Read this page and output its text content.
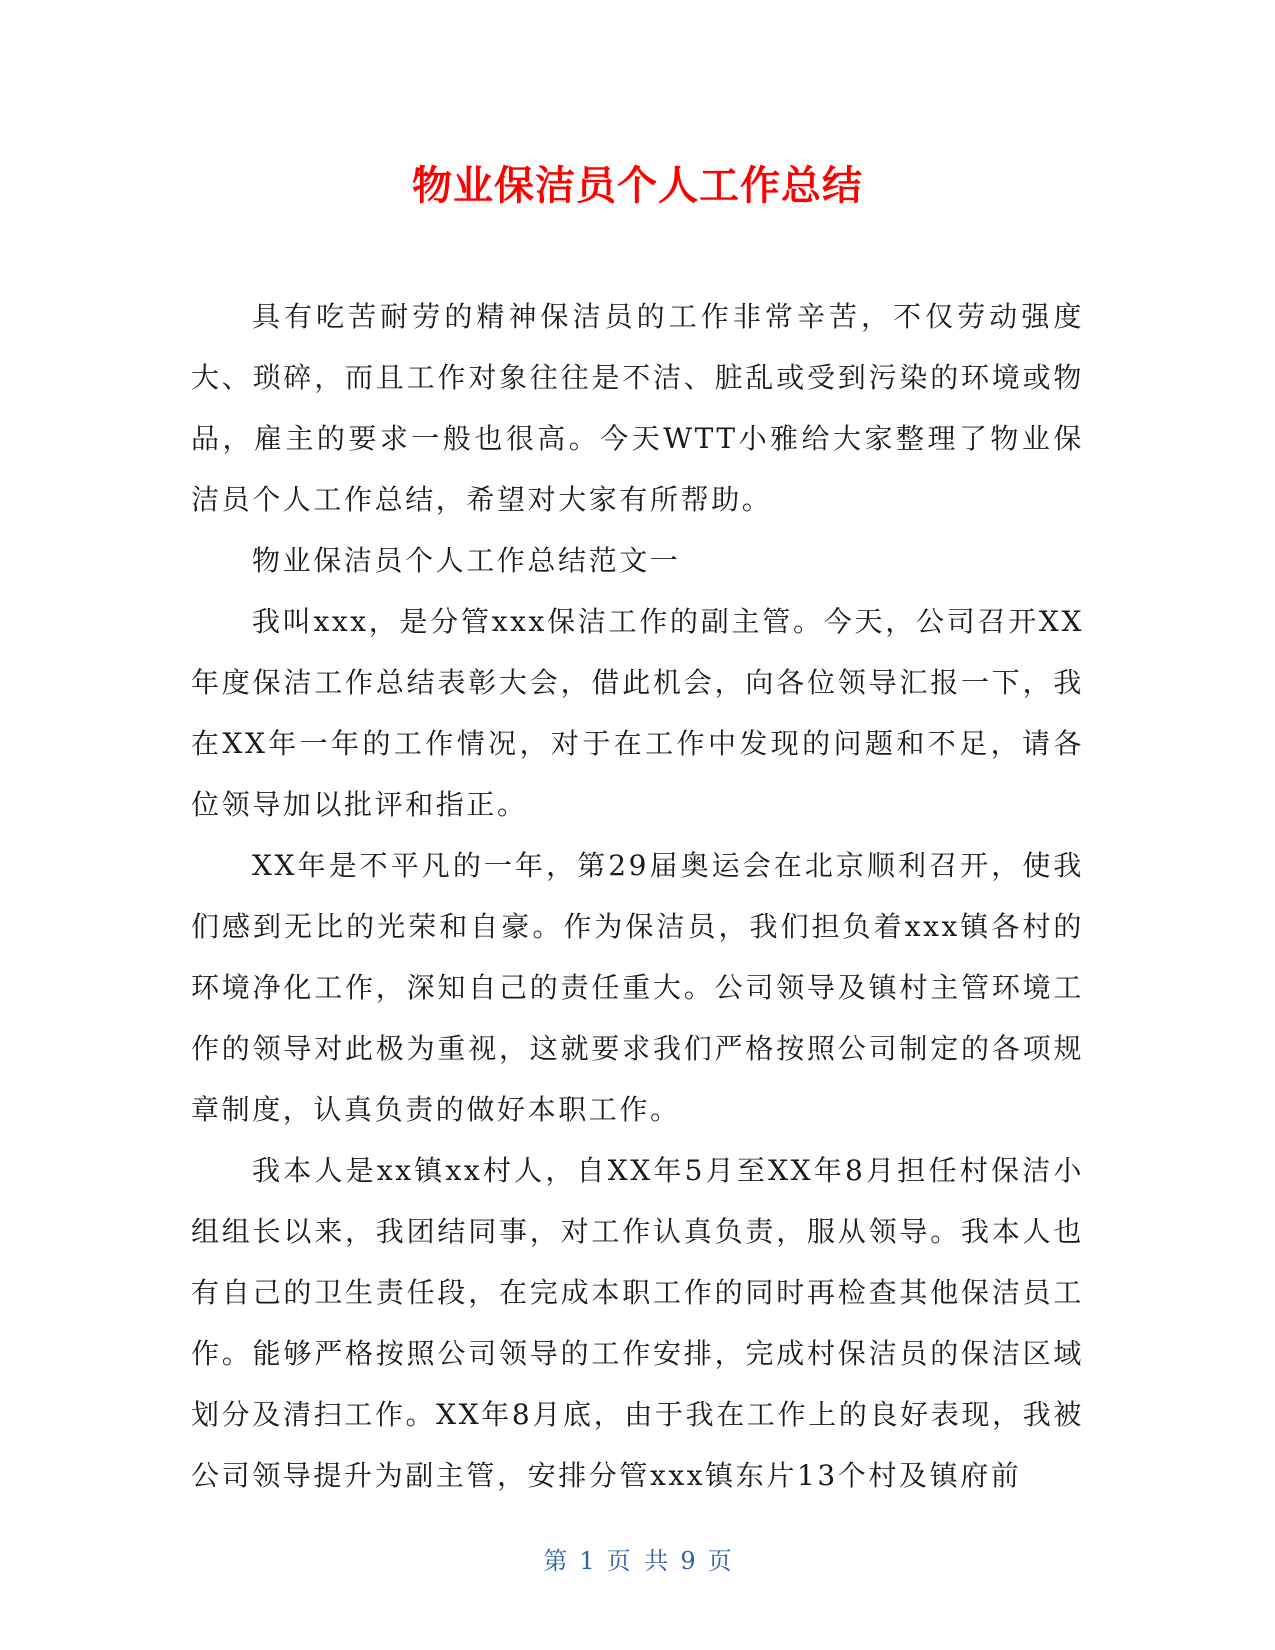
物业保洁员个人工作总结

具有吃苦耐劳的精神保洁员的工作非常辛苦，不仅劳动强度大、琐碎，而且工作对象往往是不洁、脏乱或受到污染的环境或物品，雇主的要求一般也很高。今天WTT小雅给大家整理了物业保洁员个人工作总结，希望对大家有所帮助。

物业保洁员个人工作总结范文一

我叫xxx，是分管xxx保洁工作的副主管。今天，公司召开XX年度保洁工作总结表彰大会，借此机会，向各位领导汇报一下，我在XX年一年的工作情况，对于在工作中发现的问题和不足，请各位领导加以批评和指正。

XX年是不平凡的一年，第29届奥运会在北京顺利召开，使我们感到无比的光荣和自豪。作为保洁员，我们担负着xxx镇各村的环境净化工作，深知自己的责任重大。公司领导及镇村主管环境工作的领导对此极为重视，这就要求我们严格按照公司制定的各项规章制度，认真负责的做好本职工作。

我本人是xx镇xx村人，自XX年5月至XX年8月担任村保洁小组组长以来，我团结同事，对工作认真负责，服从领导。我本人也有自己的卫生责任段，在完成本职工作的同时再检查其他保洁员工作。能够严格按照公司领导的工作安排，完成村保洁员的保洁区域划分及清扫工作。XX年8月底，由于我在工作上的良好表现，我被公司领导提升为副主管，安排分管xxx镇东片13个村及镇府前

第 1 页 共 9 页
